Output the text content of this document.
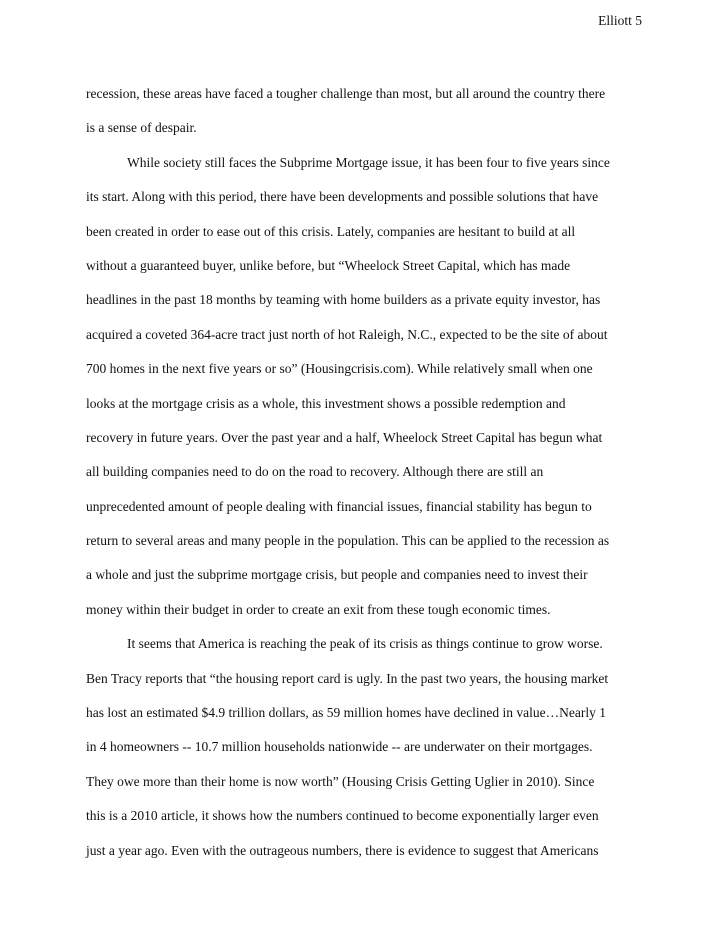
Elliott 5
recession, these areas have faced a tougher challenge than most, but all around the country there
is a sense of despair.
While society still faces the Subprime Mortgage issue, it has been four to five years since
its start. Along with this period, there have been developments and possible solutions that have
been created in order to ease out of this crisis. Lately, companies are hesitant to build at all
without a guaranteed buyer, unlike before, but “Wheelock Street Capital, which has made
headlines in the past 18 months by teaming with home builders as a private equity investor, has
acquired a coveted 364-acre tract just north of hot Raleigh, N.C., expected to be the site of about
700 homes in the next five years or so” (Housingcrisis.com). While relatively small when one
looks at the mortgage crisis as a whole, this investment shows a possible redemption and
recovery in future years. Over the past year and a half, Wheelock Street Capital has begun what
all building companies need to do on the road to recovery. Although there are still an
unprecedented amount of people dealing with financial issues, financial stability has begun to
return to several areas and many people in the population. This can be applied to the recession as
a whole and just the subprime mortgage crisis, but people and companies need to invest their
money within their budget in order to create an exit from these tough economic times.
It seems that America is reaching the peak of its crisis as things continue to grow worse.
Ben Tracy reports that “the housing report card is ugly. In the past two years, the housing market
has lost an estimated $4.9 trillion dollars, as 59 million homes have declined in value…Nearly 1
in 4 homeowners -- 10.7 million households nationwide -- are underwater on their mortgages.
They owe more than their home is now worth” (Housing Crisis Getting Uglier in 2010). Since
this is a 2010 article, it shows how the numbers continued to become exponentially larger even
just a year ago. Even with the outrageous numbers, there is evidence to suggest that Americans
